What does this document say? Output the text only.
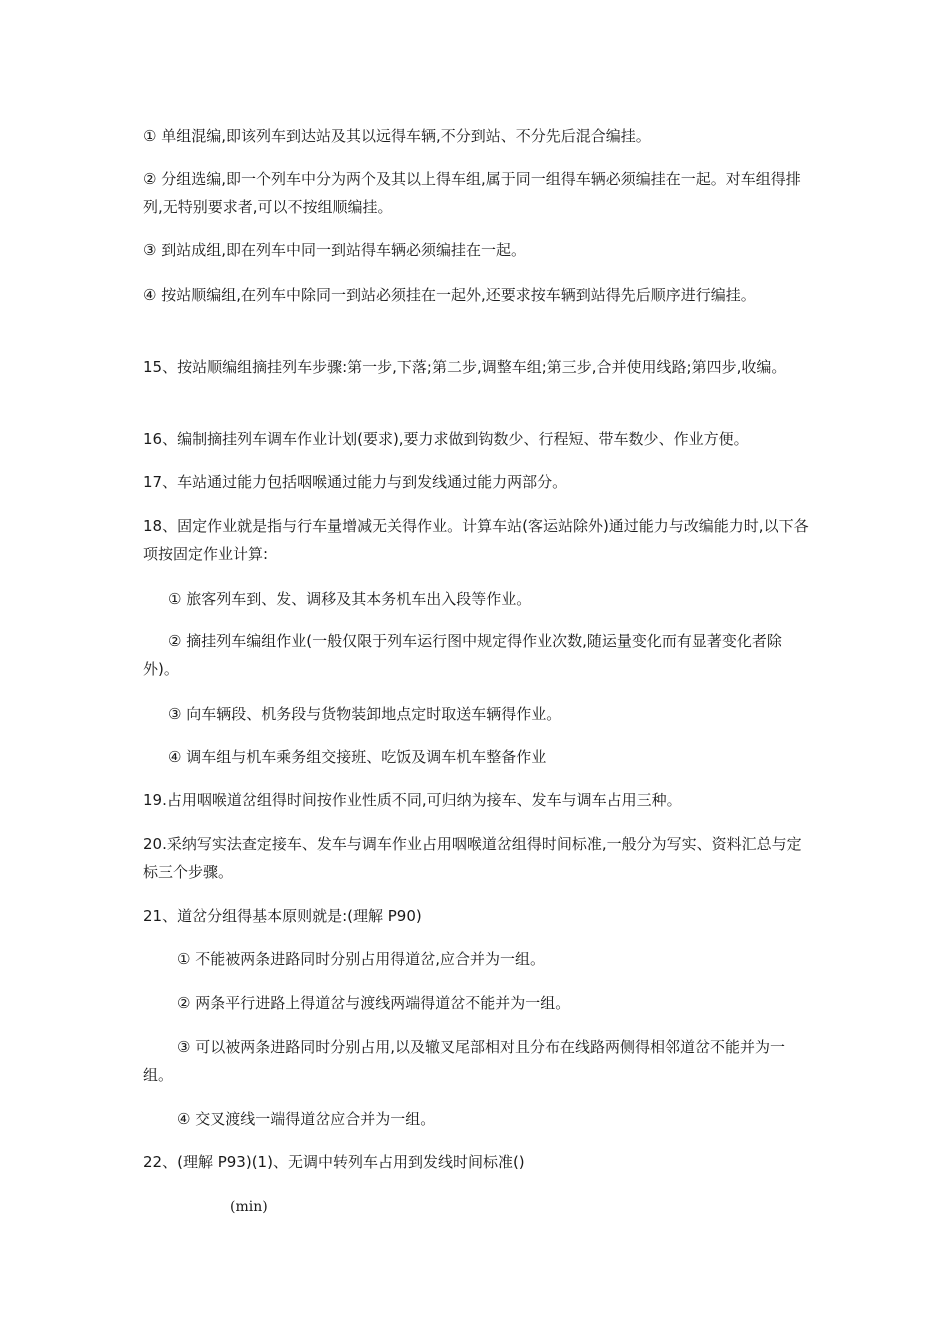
① 单组混编,即该列车到达站及其以远得车辆,不分到站、不分先后混合编挂。

② 分组选编,即一个列车中分为两个及其以上得车组,属于同一组得车辆必须编挂在一起。对车组得排列,无特别要求者,可以不按组顺编挂。

③ 到站成组,即在列车中同一到站得车辆必须编挂在一起。

④ 按站顺编组,在列车中除同一到站必须挂在一起外,还要求按车辆到站得先后顺序进行编挂。

15、按站顺编组摘挂列车步骤:第一步,下落;第二步,调整车组;第三步,合并使用线路;第四步,收编。

16、编制摘挂列车调车作业计划(要求),要力求做到钩数少、行程短、带车数少、作业方便。

17、车站通过能力包括咽喉通过能力与到发线通过能力两部分。

18、固定作业就是指与行车量增减无关得作业。计算车站(客运站除外)通过能力与改编能力时,以下各项按固定作业计算:

① 旅客列车到、发、调移及其本务机车出入段等作业。

② 摘挂列车编组作业(一般仅限于列车运行图中规定得作业次数,随运量变化而有显著变化者除外)。

③ 向车辆段、机务段与货物装卸地点定时取送车辆得作业。

④ 调车组与机车乘务组交接班、吃饭及调车机车整备作业

19.占用咽喉道岔组得时间按作业性质不同,可归纳为接车、发车与调车占用三种。

20.采纳写实法查定接车、发车与调车作业占用咽喉道岔组得时间标准,一般分为写实、资料汇总与定标三个步骤。

21、道岔分组得基本原则就是:(理解 P90)

① 不能被两条进路同时分别占用得道岔,应合并为一组。

② 两条平行进路上得道岔与渡线两端得道岔不能并为一组。

③ 可以被两条进路同时分别占用,以及辙叉尾部相对且分布在线路两侧得相邻道岔不能并为一组。

④ 交叉渡线一端得道岔应合并为一组。

22、(理解 P93)(1)、无调中转列车占用到发线时间标准()

(min)
